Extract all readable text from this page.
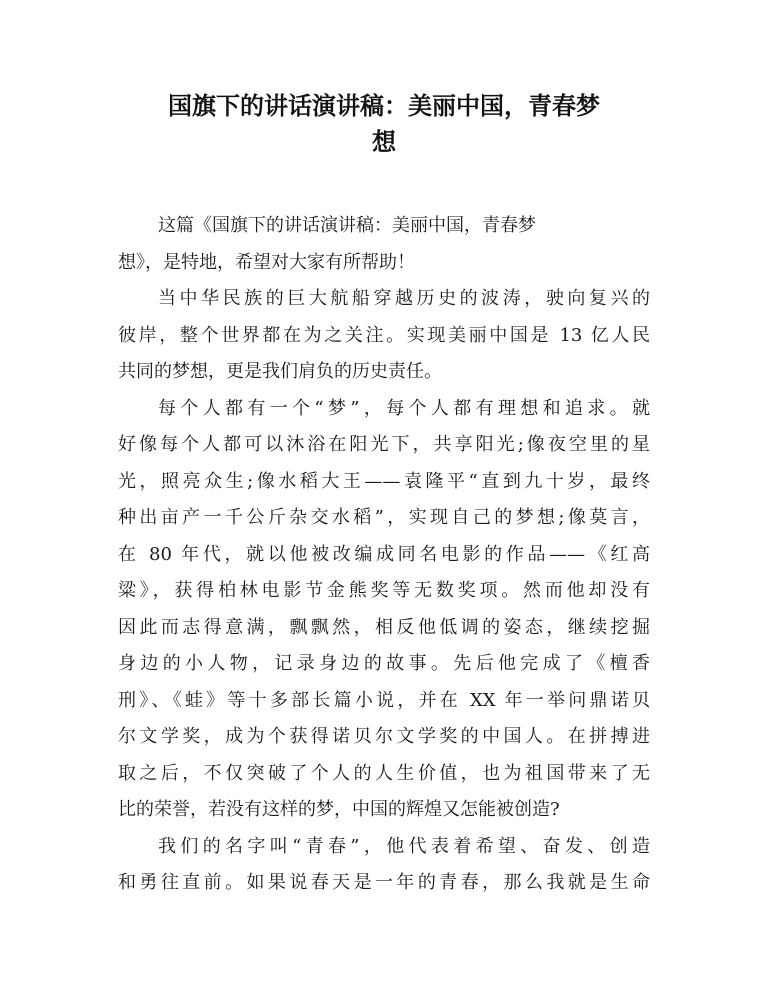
国旗下的讲话演讲稿：美丽中国，青春梦
想
这篇《国旗下的讲话演讲稿：美丽中国，青春梦
想》，是特地，希望对大家有所帮助！
当中华民族的巨大航船穿越历史的波涛，驶向复兴的
彼岸，整个世界都在为之关注。实现美丽中国是 13 亿人民
共同的梦想，更是我们肩负的历史责任。
每个人都有一个“梦”，每个人都有理想和追求。就
好像每个人都可以沐浴在阳光下，共享阳光;像夜空里的星
光，照亮众生;像水稻大王——袁隆平“直到九十岁，最终
种出亩产一千公斤杂交水稻”，实现自己的梦想;像莫言，
在 80 年代，就以他被改编成同名电影的作品——《红高
粱》，获得柏林电影节金熊奖等无数奖项。然而他却没有
因此而志得意满，飘飘然，相反他低调的姿态，继续挖掘
身边的小人物，记录身边的故事。先后他完成了《檀香
刑》、《蛙》等十多部长篇小说，并在 XX 年一举问鼎诺贝
尔文学奖，成为个获得诺贝尔文学奖的中国人。在拼搏进
取之后，不仅突破了个人的人生价值，也为祖国带来了无
比的荣誉，若没有这样的梦，中国的辉煌又怎能被创造?
我们的名字叫“青春”，他代表着希望、奋发、创造
和勇往直前。如果说春天是一年的青春，那么我就是生命
